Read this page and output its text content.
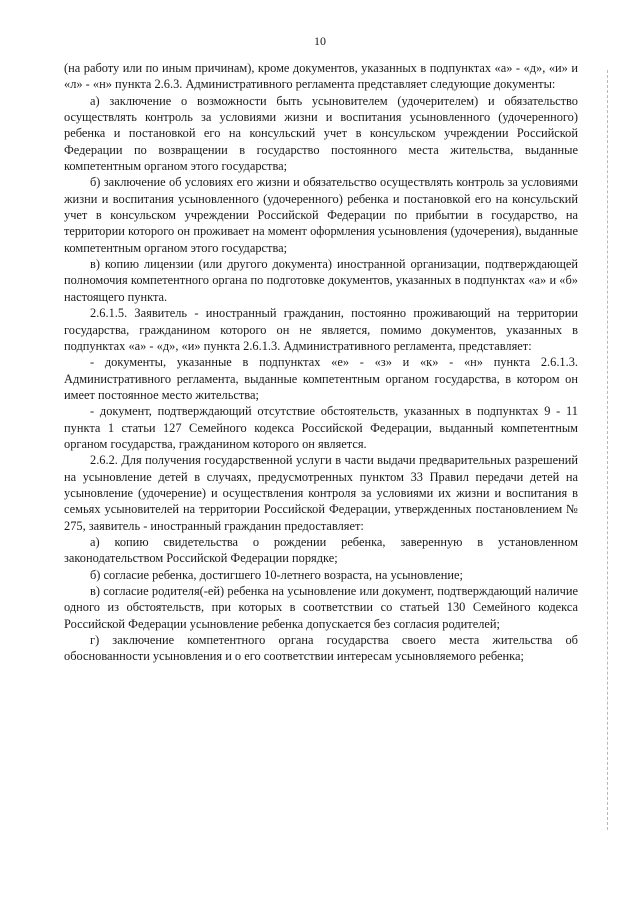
10

(на работу или по иным причинам), кроме документов, указанных в подпунктах «а» - «д», «и» и «л» - «н» пункта 2.6.3. Административного регламента представляет следующие документы:

а) заключение о возможности быть усыновителем (удочерителем) и обязательство осуществлять контроль за условиями жизни и воспитания усыновленного (удочеренного) ребенка и постановкой его на консульский учет в консульском учреждении Российской Федерации по возвращении в государство постоянного места жительства, выданные компетентным органом этого государства;

б) заключение об условиях его жизни и обязательство осуществлять контроль за условиями жизни и воспитания усыновленного (удочеренного) ребенка и постановкой его на консульский учет в консульском учреждении Российской Федерации по прибытии в государство, на территории которого он проживает на момент оформления усыновления (удочерения), выданные компетентным органом этого государства;

в) копию лицензии (или другого документа) иностранной организации, подтверждающей полномочия компетентного органа по подготовке документов, указанных в подпунктах «а» и «б» настоящего пункта.

2.6.1.5. Заявитель - иностранный гражданин, постоянно проживающий на территории государства, гражданином которого он не является, помимо документов, указанных в подпунктах «а» - «д», «и» пункта 2.6.1.3. Административного регламента, представляет:

- документы, указанные в подпунктах «е» - «з» и «к» - «н» пункта 2.6.1.3. Административного регламента, выданные компетентным органом государства, в котором он имеет постоянное место жительства;

- документ, подтверждающий отсутствие обстоятельств, указанных в подпунктах 9 - 11 пункта 1 статьи 127 Семейного кодекса Российской Федерации, выданный компетентным органом государства, гражданином которого он является.

2.6.2. Для получения государственной услуги в части выдачи предварительных разрешений на усыновление детей в случаях, предусмотренных пунктом 33 Правил передачи детей на усыновление (удочерение) и осуществления контроля за условиями их жизни и воспитания в семьях усыновителей на территории Российской Федерации, утвержденных постановлением № 275, заявитель - иностранный гражданин предоставляет:

а) копию свидетельства о рождении ребенка, заверенную в установленном законодательством Российской Федерации порядке;

б) согласие ребенка, достигшего 10-летнего возраста, на усыновление;

в) согласие родителя(-ей) ребенка на усыновление или документ, подтверждающий наличие одного из обстоятельств, при которых в соответствии со статьей 130 Семейного кодекса Российской Федерации усыновление ребенка допускается без согласия родителей;

г) заключение компетентного органа государства своего места жительства об обоснованности усыновления и о его соответствии интересам усыновляемого ребенка;
